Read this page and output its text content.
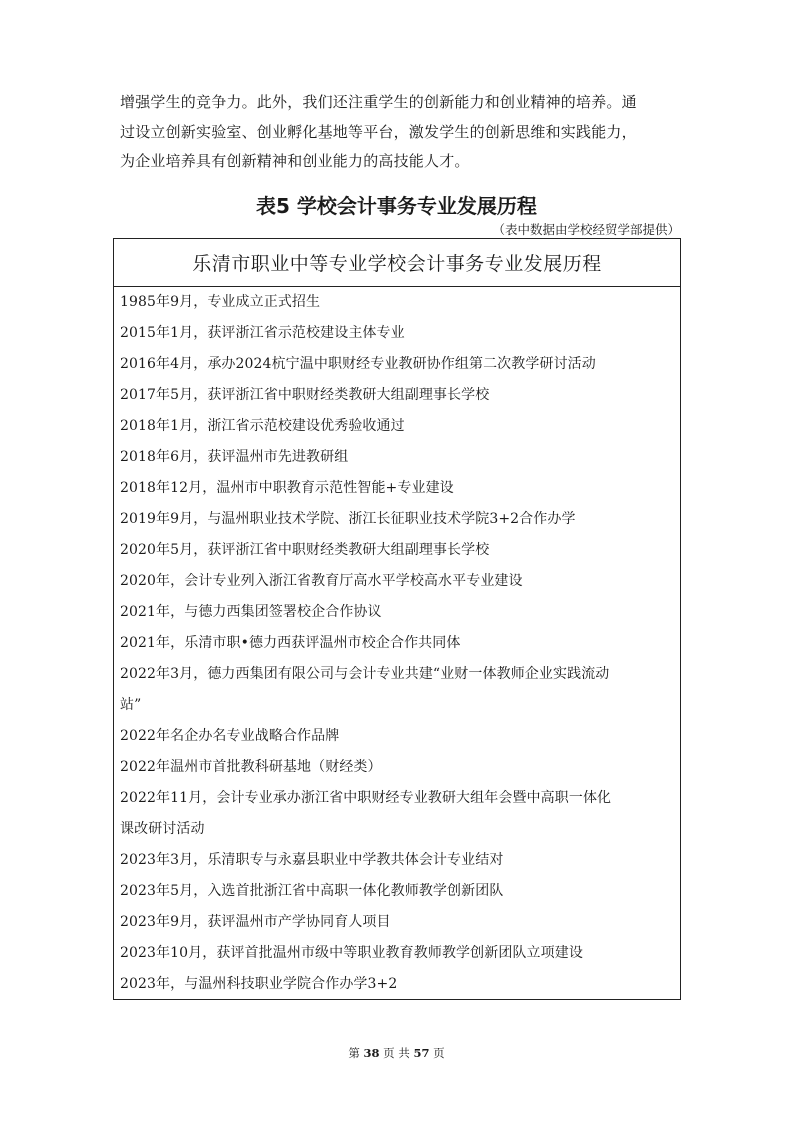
增强学生的竞争力。此外，我们还注重学生的创新能力和创业精神的培养。通

过设立创新实验室、创业孵化基地等平台，激发学生的创新思维和实践能力，

为企业培养具有创新精神和创业能力的高技能人才。

表5 学校会计事务专业发展历程
（表中数据由学校经贸学部提供）
乐清市职业中等专业学校会计事务专业发展历程

1985年9月，专业成立正式招生

2015年1月，获评浙江省示范校建设主体专业

2016年4月，承办2024杭宁温中职财经专业教研协作组第二次教学研讨活动

2017年5月，获评浙江省中职财经类教研大组副理事长学校

2018年1月，浙江省示范校建设优秀验收通过

2018年6月，获评温州市先进教研组

2018年12月，温州市中职教育示范性智能+专业建设

2019年9月，与温州职业技术学院、浙江长征职业技术学院3+2合作办学

2020年5月，获评浙江省中职财经类教研大组副理事长学校

2020年，会计专业列入浙江省教育厅高水平学校高水平专业建设

2021年，与德力西集团签署校企合作协议

2021年，乐清市职•德力西获评温州市校企合作共同体

2022年3月，德力西集团有限公司与会计专业共建“业财一体教师企业实践流动

站”

2022年名企办名专业战略合作品牌

2022年温州市首批教科研基地（财经类）

2022年11月，会计专业承办浙江省中职财经专业教研大组年会暨中高职一体化

课改研讨活动

2023年3月，乐清职专与永嘉县职业中学教共体会计专业结对

2023年5月，入选首批浙江省中高职一体化教师教学创新团队

2023年9月，获评温州市产学协同育人项目

2023年10月，获评首批温州市级中等职业教育教师教学创新团队立项建设

2023年，与温州科技职业学院合作办学3+2

第 38 页 共 57 页
